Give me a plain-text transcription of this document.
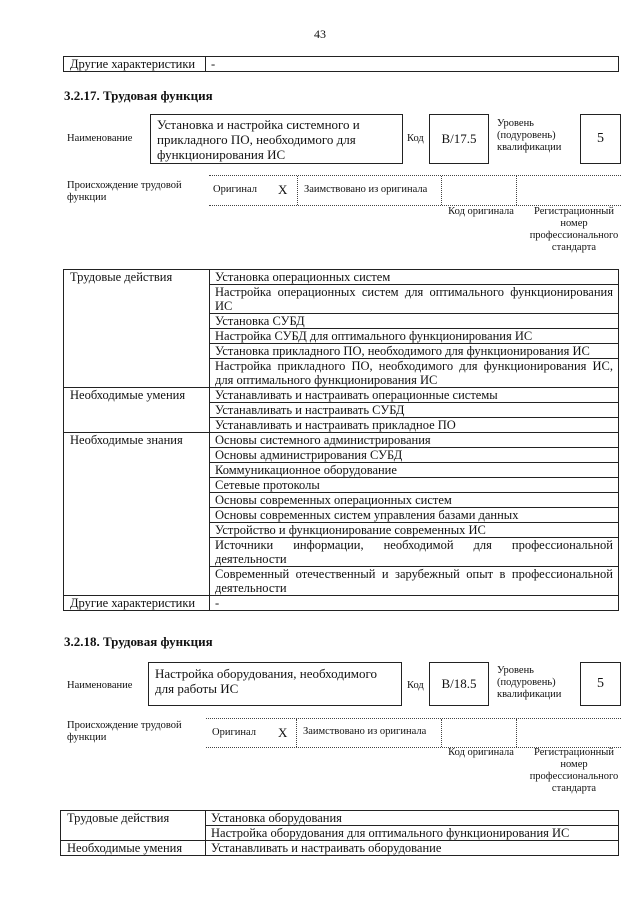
43
Другие характеристики	-
3.2.17. Трудовая функция
Наименование
Установка и настройка системного и прикладного ПО, необходимого для функционирования ИС
Код	B/17.5
Уровень (подуровень) квалификации
5
Происхождение трудовой функции
Оригинал X Заимствовано из оригинала
Код оригинала	Регистрационный номер профессионального стандарта
Трудовые действия	Установка операционных систем
	Настройка операционных систем для оптимального функционирования ИС
	Установка СУБД
	Настройка СУБД для оптимального функционирования ИС
	Установка прикладного ПО, необходимого для функционирования ИС
	Настройка прикладного ПО, необходимого для функционирования ИС, для оптимального функционирования ИС
Необходимые умения	Устанавливать и настраивать операционные системы
	Устанавливать и настраивать СУБД
	Устанавливать и настраивать прикладное ПО
Необходимые знания	Основы системного администрирования
	Основы администрирования СУБД
	Коммуникационное оборудование
	Сетевые протоколы
	Основы современных операционных систем
	Основы современных систем управления базами данных
	Устройство и функционирование современных ИС
	Источники информации, необходимой для профессиональной деятельности
	Современный отечественный и зарубежный опыт в профессиональной деятельности
Другие характеристики	-
3.2.18. Трудовая функция
Наименование
Настройка оборудования, необходимого для работы ИС	Код	B/18.5
Уровень (подуровень) квалификации
5
Происхождение трудовой функции	Оригинал X Заимствовано из оригинала
Код оригинала	Регистрационный номер профессионального стандарта
Трудовые действия	Установка оборудования
	Настройка оборудования для оптимального функционирования ИС
Необходимые умения	Устанавливать и настраивать оборудование
